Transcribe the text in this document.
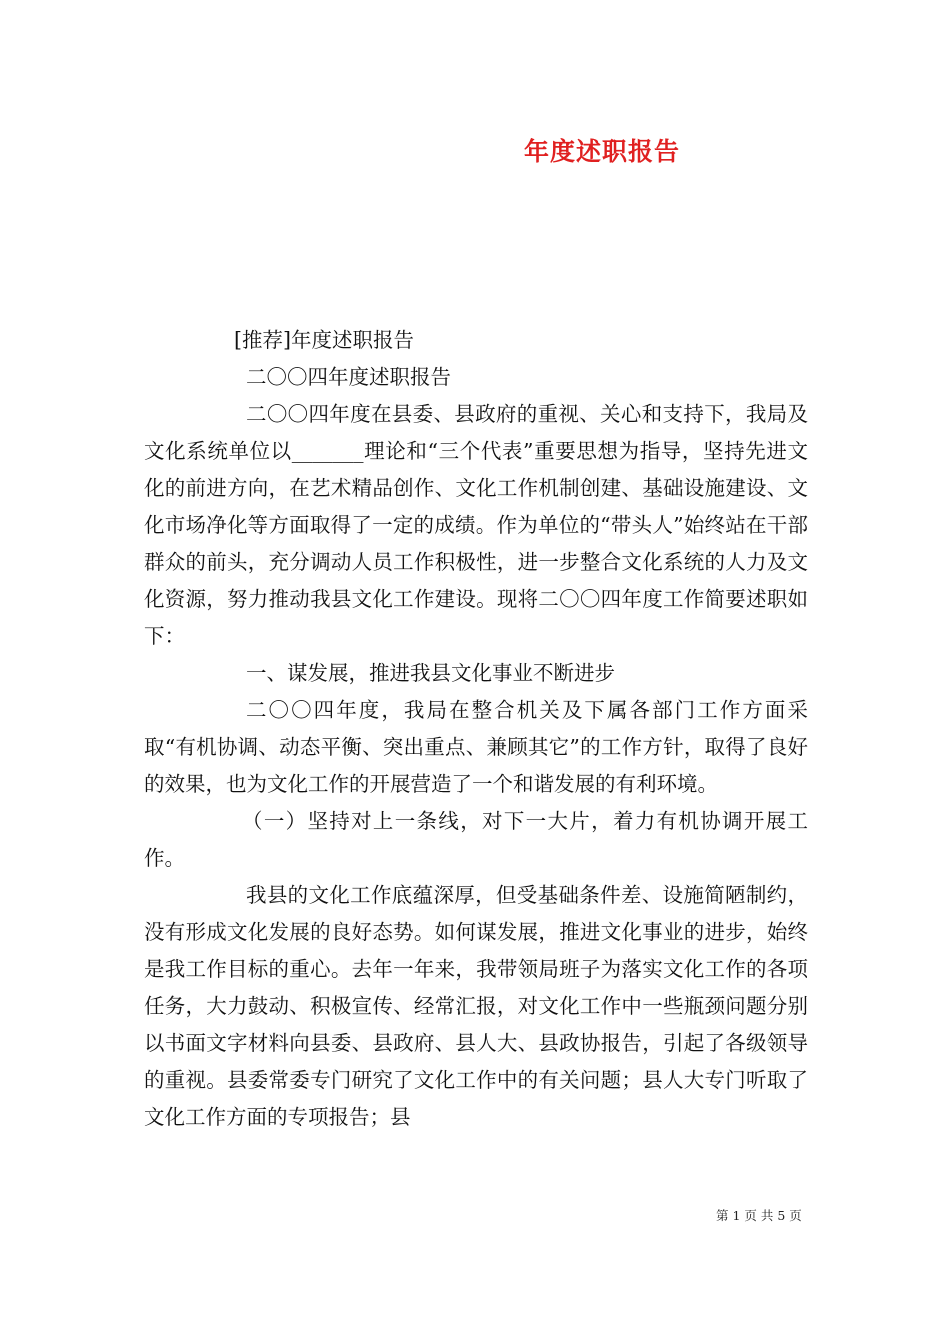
年度述职报告

[推荐]年度述职报告

二〇〇四年度述职报告

二〇〇四年度在县委、县政府的重视、关心和支持下，我局及文化系统单位以_______理论和“三个代表”重要思想为指导，坚持先进文化的前进方向，在艺术精品创作、文化工作机制创建、基础设施建设、文化市场净化等方面取得了一定的成绩。作为单位的“带头人”始终站在干部群众的前头，充分调动人员工作积极性，进一步整合文化系统的人力及文化资源，努力推动我县文化工作建设。现将二〇〇四年度工作简要述职如下：

一、谋发展，推进我县文化事业不断进步

二〇〇四年度，我局在整合机关及下属各部门工作方面采取“有机协调、动态平衡、突出重点、兼顾其它”的工作方针，取得了良好的效果，也为文化工作的开展营造了一个和谐发展的有利环境。

（一）坚持对上一条线，对下一大片，着力有机协调开展工作。

我县的文化工作底蕴深厚，但受基础条件差、设施简陋制约，没有形成文化发展的良好态势。如何谋发展，推进文化事业的进步，始终是我工作目标的重心。去年一年来，我带领局班子为落实文化工作的各项任务，大力鼓动、积极宣传、经常汇报，对文化工作中一些瓶颈问题分别以书面文字材料向县委、县政府、县人大、县政协报告，引起了各级领导的重视。县委常委专门研究了文化工作中的有关问题；县人大专门听取了文化工作方面的专项报告；县

第 1 页 共 5 页
